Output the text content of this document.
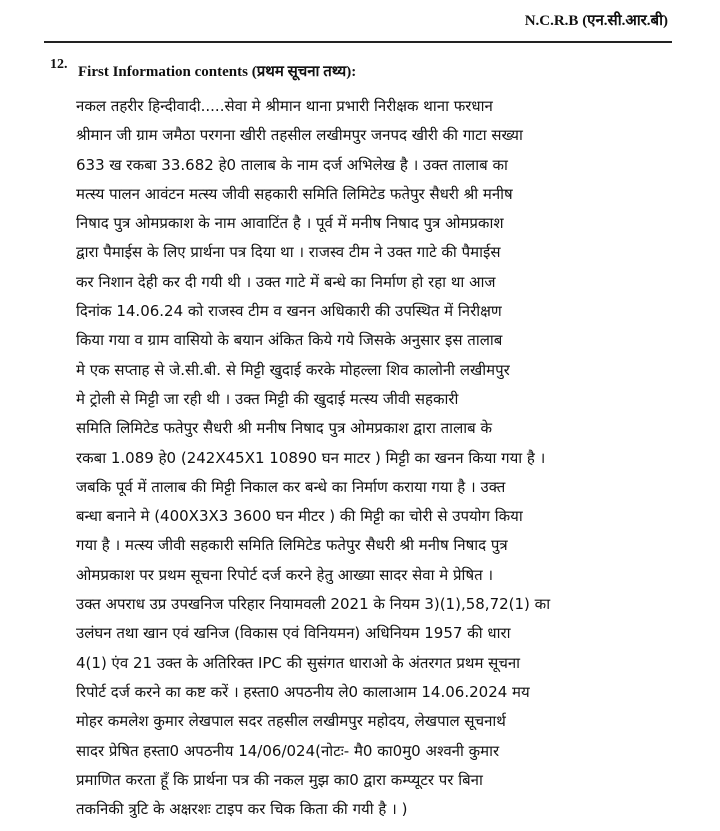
N.C.R.B (एन.सी.आर.बी)
12. First Information contents (प्रथम सूचना तथ्य):
नकल तहरीर हिन्दीवादी.....सेवा मे श्रीमान थाना प्रभारी निरीक्षक थाना फरधान
श्रीमान जी ग्राम जमैठा परगना खीरी तहसील लखीमपुर जनपद खीरी की गाटा सख्या
633 ख रकबा 33.682 हे0 तालाब के नाम दर्ज अभिलेख है । उक्त तालाब का
मत्स्य पालन आवंटन मत्स्य जीवी सहकारी समिति लिमिटेड फतेपुर सैधरी श्री मनीष
निषाद पुत्र ओमप्रकाश के नाम आवाटिंत है । पूर्व में मनीष निषाद पुत्र ओमप्रकाश
द्वारा पैमाईस के लिए प्रार्थना पत्र दिया था । राजस्व टीम ने उक्त गाटे की पैमाईस
कर निशान देही कर दी गयी थी । उक्त गाटे में बन्धे का निर्माण हो रहा था आज
दिनांक 14.06.24 को राजस्व टीम व खनन अधिकारी की उपस्थित में निरीक्षण
किया गया व ग्राम वासियो के बयान अंकित किये गये जिसके अनुसार इस तालाब
मे एक सप्ताह से जे.सी.बी. से मिट्टी खुदाई करके मोहल्ला शिव कालोनी लखीमपुर
मे ट्रोली से मिट्टी जा रही थी । उक्त मिट्टी की खुदाई मत्स्य जीवी सहकारी
समिति लिमिटेड फतेपुर सैधरी श्री मनीष निषाद पुत्र ओमप्रकाश द्वारा तालाब के
रकबा 1.089 हे0 (242X45X1 10890 घन माटर ) मिट्टी का खनन किया गया है ।
जबकि पूर्व में तालाब की मिट्टी निकाल कर बन्धे का निर्माण कराया गया है । उक्त
बन्धा बनाने मे (400X3X3 3600 घन मीटर ) की मिट्टी का चोरी से उपयोग किया
गया है । मत्स्य जीवी सहकारी समिति लिमिटेड फतेपुर सैधरी श्री मनीष निषाद पुत्र
ओमप्रकाश पर प्रथम सूचना रिपोर्ट दर्ज करने हेतु आख्या सादर सेवा मे प्रेषित ।
उक्त अपराध उप्र उपखनिज परिहार नियामवली 2021 के नियम 3)(1),58,72(1) का
उलंघन तथा खान एवं खनिज (विकास एवं विनियमन) अधिनियम 1957 की धारा
4(1) एंव 21 उक्त के अतिरिक्त IPC की सुसंगत धाराओ के अंतरगत प्रथम सूचना
रिपोर्ट दर्ज करने का कष्ट करें । हस्ता0 अपठनीय ले0 कालाआम 14.06.2024 मय
मोहर कमलेश कुमार लेखपाल सदर तहसील लखीमपुर महोदय, लेखपाल सूचनार्थ
सादर प्रेषित हस्ता0 अपठनीय 14/06/024(नोटः- मै0 का0मु0 अश्वनी कुमार
प्रमाणित करता हूँ कि प्रार्थना पत्र की नकल मुझ का0 द्वारा कम्प्यूटर पर बिना
तकनिकी त्रुटि के अक्षरशः टाइप कर चिक किता की गयी है । )
